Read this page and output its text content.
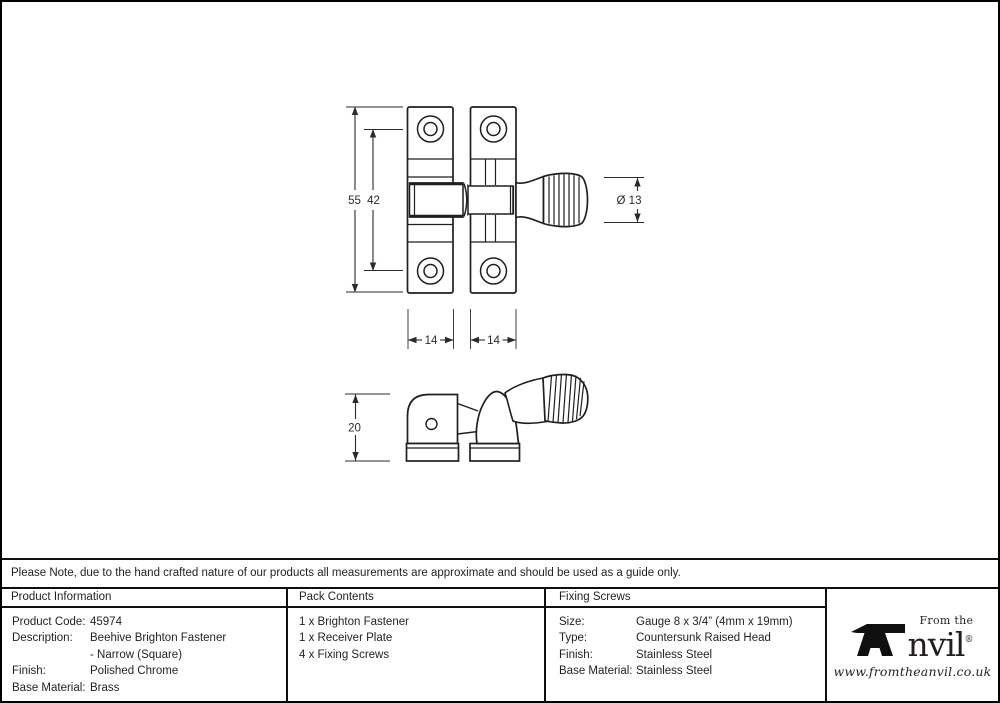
55 42	Ø 13
14	14
20
Please Note, due to the hand crafted nature of our products all measurements are approximate and should be used as a guide only.
Product Information
Product Code: 45974
Description:	Beehive Brighton Fastener
- Narrow (Square)
Finish:	Polished Chrome
Base Material: Brass
Pack Contents
1 x Brighton Fastener
1 x Receiver Plate
4 x Fixing Screws
Fixing Screws
Size:	Gauge 8 x 3/4” (4mm x 19mm)
Type:	Countersunk Raised Head
Finish:	Stainless Steel
Base Material: Stainless Steel
From the
nvil®
www.fromtheanvil.co.uk
